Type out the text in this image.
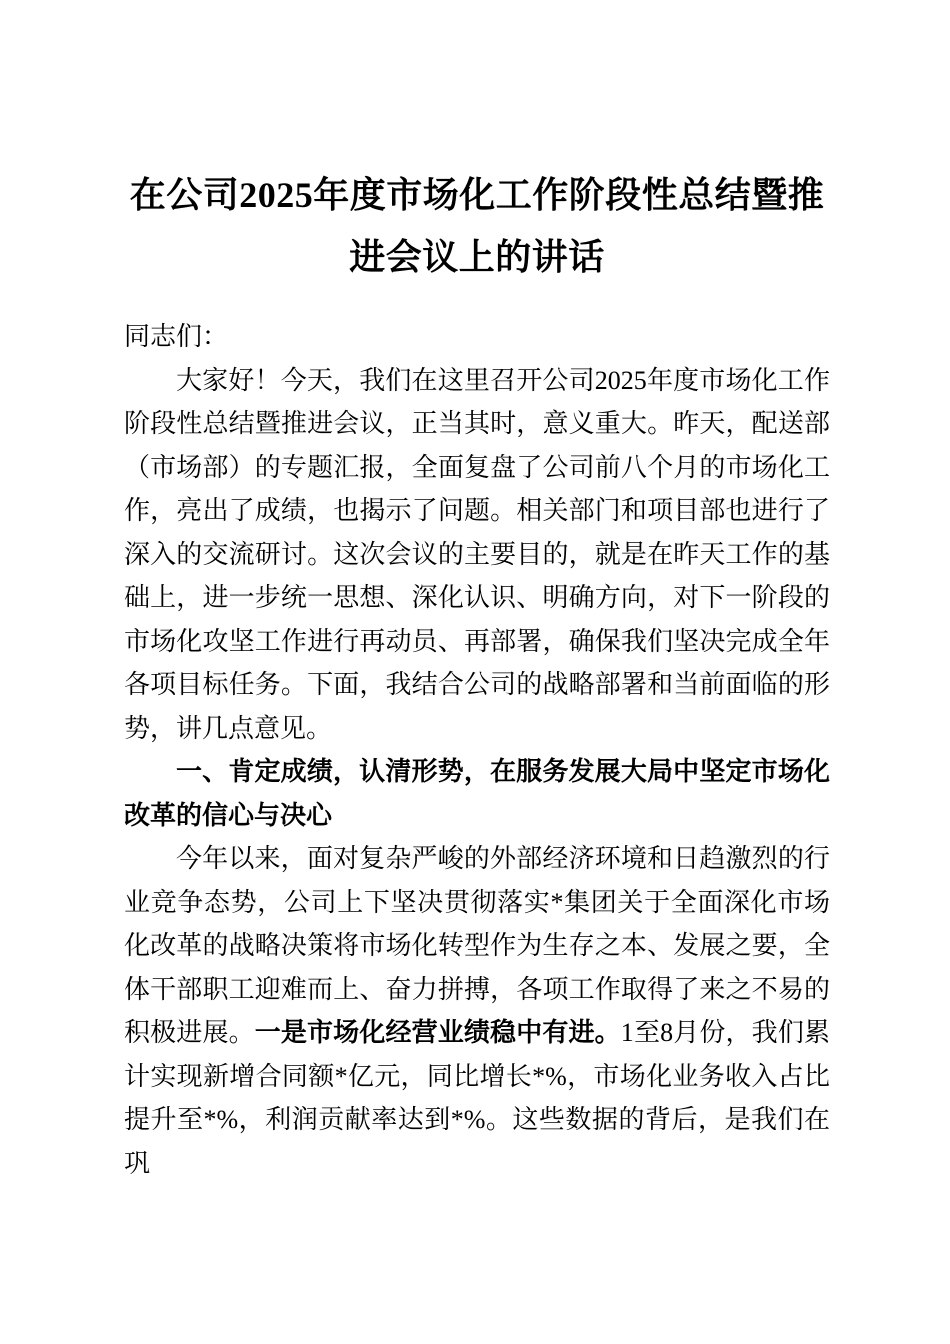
在公司2025年度市场化工作阶段性总结暨推进会议上的讲话

同志们：

大家好！今天，我们在这里召开公司2025年度市场化工作阶段性总结暨推进会议，正当其时，意义重大。昨天，配送部（市场部）的专题汇报，全面复盘了公司前八个月的市场化工作，亮出了成绩，也揭示了问题。相关部门和项目部也进行了深入的交流研讨。这次会议的主要目的，就是在昨天工作的基础上，进一步统一思想、深化认识、明确方向，对下一阶段的市场化攻坚工作进行再动员、再部署，确保我们坚决完成全年各项目标任务。下面，我结合公司的战略部署和当前面临的形势，讲几点意见。

一、肯定成绩，认清形势，在服务发展大局中坚定市场化改革的信心与决心

今年以来，面对复杂严峻的外部经济环境和日趋激烈的行业竞争态势，公司上下坚决贯彻落实*集团关于全面深化市场化改革的战略决策将市场化转型作为生存之本、发展之要，全体干部职工迎难而上、奋力拼搏，各项工作取得了来之不易的积极进展。一是市场化经营业绩稳中有进。1至8月份，我们累计实现新增合同额*亿元，同比增长*%，市场化业务收入占比提升至*%，利润贡献率达到*%。这些数据的背后，是我们在巩
